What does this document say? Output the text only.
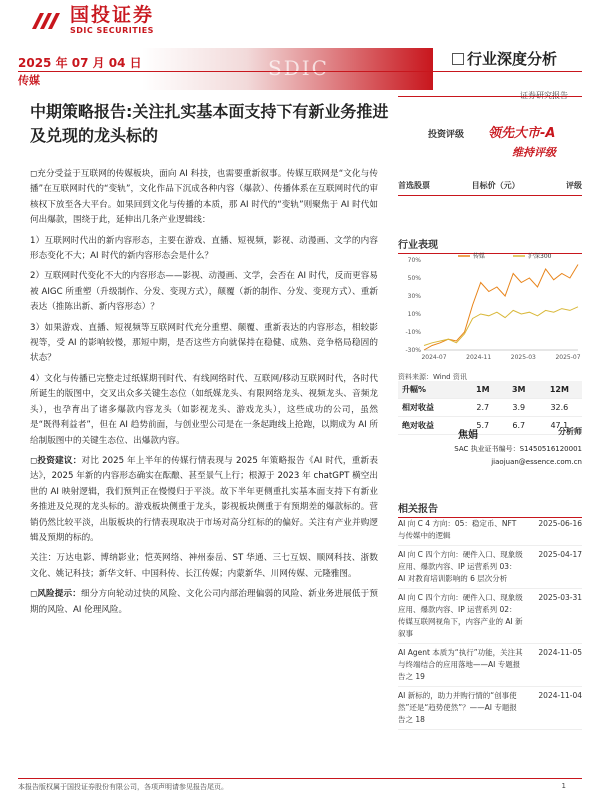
国投证券
SDIC SECURITIES
SDIC
2025 年 07 月 04 日
传媒
行业深度分析
证券研究报告
中期策略报告:关注扎实基本面支持下有新业务推进及兑现的龙头标的	投资评级 领先大市-A
维持评级
首选股票	目标价（元）	评级
行业表现
70%
50%
30%
10%
-10%
-30%
2024-07	2024-11	2025-03	2025-07
传媒	沪深300
资料来源：Wind 资讯
升幅%	1M	3M	12M
相对收益	2.7	3.9	32.6
绝对收益	5.7	6.7	47.1
焦娟	分析师
SAC 执业证书编号：S1450516120001
jiaojuan@essence.com.cn
相关报告
AI 向 C 4 方向：05：稳定币、NFT 与传媒中的逻辑
2025-06-16
AI 向 C 四个方向：硬件入口、现象级应用、爆款内容、IP 运营系列 03：AI 对教育培训影响的 6 层次分析
2025-04-17
AI 向 C 四个方向：硬件入口、现象级应用、爆款内容、IP 运营系列 02：传媒互联网视角下，内容产业的 AI 新叙事
2025-03-31
AI Agent 本质为“执行”功能，关注其与终端结合的应用落地——AI 专题报告之 19
2024-11-05
AI 新标的，助力并购行情的“创事使然”还是“趋势使然”？——AI 专题报告之 18
2024-11-04

◻充分受益于互联网的传媒板块，面向 AI 科技，也需要重新叙事。传媒互联网是“文化与传播”在互联网时代的“变轨”，文化作品下沉成各种内容（爆款）、传播体系在互联网时代的审核权下放至各大平台。如果回到文化与传播的本质，那 AI 时代的“变轨”则聚焦于 AI 时代如何出爆款，围绕于此，延伸出几条产业逻辑线：

1）互联网时代出的新内容形态，主要在游戏、直播、短视频，影视、动漫画、文学的内容形态变化不大；AI 时代的新内容形态会是什么？

2）互联网时代变化不大的内容形态——影视、动漫画、文学，会否在 AI 时代，反而更容易被 AIGC 所重塑（升级制作、分发、变现方式），颠覆（新的制作、分发、变现方式）、重新表达（推陈出新、新内容形态）？

3）如果游戏、直播、短视频等互联网时代充分重塑、颠覆、重新表达的内容形态，相较影视等，受 AI 的影响较慢，那短中期，是否这些方向就保持在稳健、成熟、竞争格局稳固的状态？

4）文化与传播已完整走过纸媒期刊时代、有线网络时代、互联网/移动互联网时代，各时代所诞生的版图中，交叉出众多关键生态位（如纸媒龙头、有限网络龙头、视频龙头、音频龙头），也孕育出了诸多爆款内容龙头（如影视龙头、游戏龙头），这些成功的公司，虽然是“既得利益者”，但在 AI 趋势前面，与创业型公司是在一条起跑线上抢跑，以期成为 AI 所给制版图中的关键生态位、出爆款内容。

◻投资建议：对比 2025 年上半年的传媒行情表现与 2025 年策略报告《AI 时代，重新表达》，2025 年新的内容形态确实在酝酿、甚至景气上行；根源于 2023 年 chatGPT 横空出世的 AI 映射逻辑，我们预判正在慢慢归于平淡。故下半年更侧重扎实基本面支持下有新业务推进及兑现的龙头标的。游戏板块侧重于龙头，影视板块侧重于有预期差的爆款标的。营销仍然比较平淡，出版板块的行情表现取决于市场对高分红标的的偏好。关注有产业并购逻辑及预期的标的。

关注：万达电影、博纳影业；恺英网络、神州泰岳、ST 华通、三七互娱、顺网科技、浙数文化、姚记科技；新华文轩、中国科传、长江传媒；内蒙新华、川网传媒、元隆雅图。

◻风险提示：细分方向轮动过快的风险、文化公司内部治理偏弱的风险、新业务进展低于预期的风险、AI 伦理风险。

本报告版权属于国投证券股份有限公司，各项声明请参见报告尾页。	1
